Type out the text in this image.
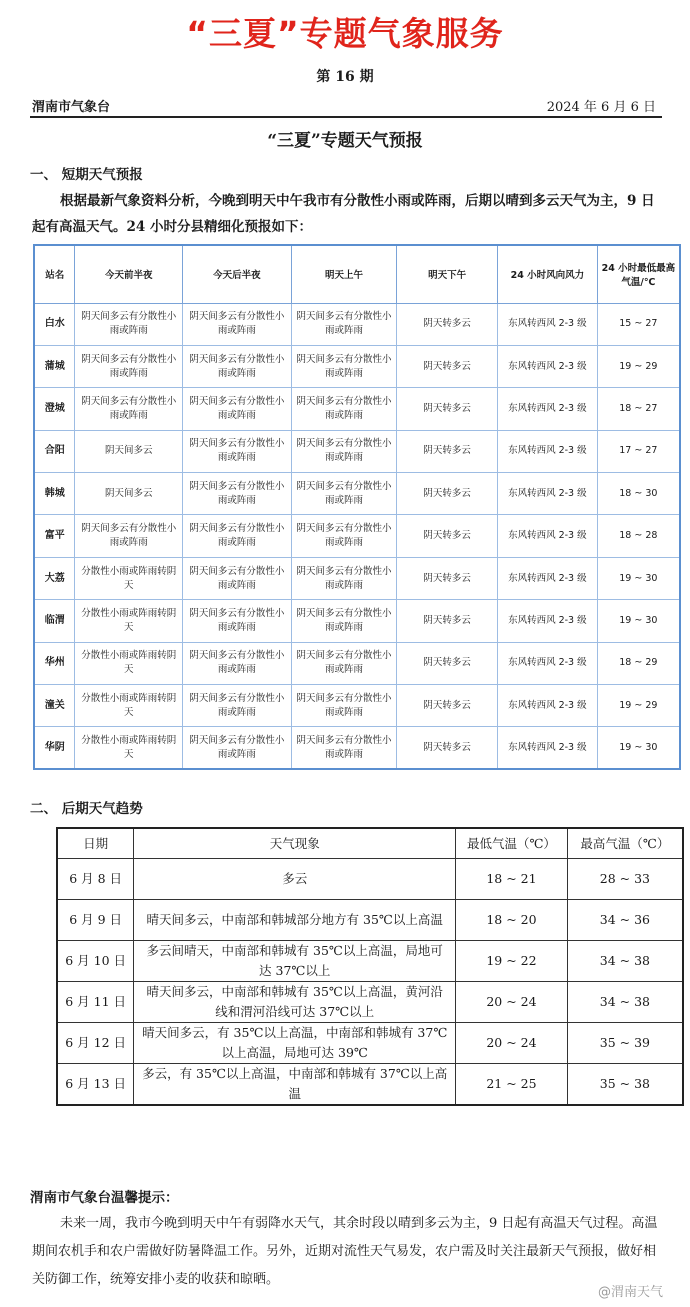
“三夏”专题气象服务
第 16 期
渭南市气象台	2024 年 6 月 6 日
“三夏”专题天气预报
一、 短期天气预报
根据最新气象资料分析，今晚到明天中午我市有分散性小雨或阵雨，后期以晴到多云天气为主，9 日起有高温天气。24 小时分县精细化预报如下：
站名	今天前半夜	今天后半夜	明天上午	明天下午	24 小时风向风力	24 小时最低最高气温/℃
白水	阴天间多云有分散性小雨或阵雨	阴天间多云有分散性小雨或阵雨	阴天间多云有分散性小雨或阵雨	阴天转多云	东风转西风 2-3 级	15 ~ 27
蒲城	阴天间多云有分散性小雨或阵雨	阴天间多云有分散性小雨或阵雨	阴天间多云有分散性小雨或阵雨	阴天转多云	东风转西风 2-3 级	19 ~ 29
澄城	阴天间多云有分散性小雨或阵雨	阴天间多云有分散性小雨或阵雨	阴天间多云有分散性小雨或阵雨	阴天转多云	东风转西风 2-3 级	18 ~ 27
合阳	阴天间多云	阴天间多云有分散性小雨或阵雨	阴天间多云有分散性小雨或阵雨	阴天转多云	东风转西风 2-3 级	17 ~ 27
韩城	阴天间多云	阴天间多云有分散性小雨或阵雨	阴天间多云有分散性小雨或阵雨	阴天转多云	东风转西风 2-3 级	18 ~ 30
富平	阴天间多云有分散性小雨或阵雨	阴天间多云有分散性小雨或阵雨	阴天间多云有分散性小雨或阵雨	阴天转多云	东风转西风 2-3 级	18 ~ 28
大荔	分散性小雨或阵雨转阴天	阴天间多云有分散性小雨或阵雨	阴天间多云有分散性小雨或阵雨	阴天转多云	东风转西风 2-3 级	19 ~ 30
临渭	分散性小雨或阵雨转阴天	阴天间多云有分散性小雨或阵雨	阴天间多云有分散性小雨或阵雨	阴天转多云	东风转西风 2-3 级	19 ~ 30
华州	分散性小雨或阵雨转阴天	阴天间多云有分散性小雨或阵雨	阴天间多云有分散性小雨或阵雨	阴天转多云	东风转西风 2-3 级	18 ~ 29
潼关	分散性小雨或阵雨转阴天	阴天间多云有分散性小雨或阵雨	阴天间多云有分散性小雨或阵雨	阴天转多云	东风转西风 2-3 级	19 ~ 29
华阴	分散性小雨或阵雨转阴天	阴天间多云有分散性小雨或阵雨	阴天间多云有分散性小雨或阵雨	阴天转多云	东风转西风 2-3 级	19 ~ 30
二、 后期天气趋势
日期	天气现象	最低气温（℃）	最高气温（℃）
6 月 8 日	多云	18 ~ 21	28 ~ 33
6 月 9 日	晴天间多云，中南部和韩城部分地方有 35℃以上高温	18 ~ 20	34 ~ 36
6 月 10 日	多云间晴天，中南部和韩城有 35℃以上高温，局地可达 37℃以上	19 ~ 22	34 ~ 38
6 月 11 日	晴天间多云，中南部和韩城有 35℃以上高温，黄河沿线和渭河沿线可达 37℃以上	20 ~ 24	34 ~ 38
6 月 12 日	晴天间多云，有 35℃以上高温，中南部和韩城有 37℃以上高温，局地可达 39℃	20 ~ 24	35 ~ 39
6 月 13 日	多云，有 35℃以上高温，中南部和韩城有 37℃以上高温	21 ~ 25	35 ~ 38
渭南市气象台温馨提示：
未来一周，我市今晚到明天中午有弱降水天气，其余时段以晴到多云为主，9 日起有高温天气过程。高温期间农机手和农户需做好防暑降温工作。另外，近期对流性天气易发，农户需及时关注最新天气预报，做好相关防御工作，统筹安排小麦的收获和晾晒。
@渭南天气
